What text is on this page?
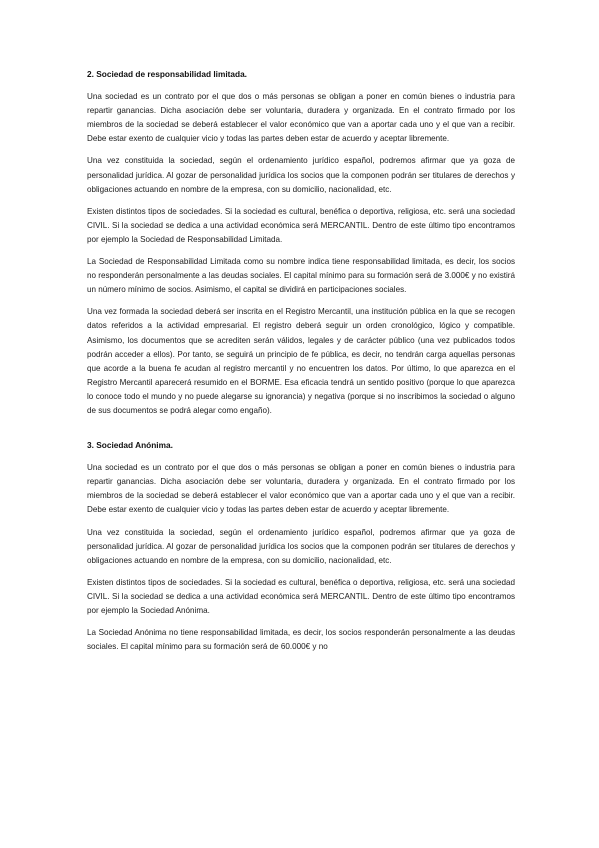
2. Sociedad de responsabilidad limitada.

Una sociedad es un contrato por el que dos o más personas se obligan a poner en común bienes o industria para repartir ganancias. Dicha asociación debe ser voluntaria, duradera y organizada. En el contrato firmado por los miembros de la sociedad se deberá establecer el valor económico que van a aportar cada uno y el que van a recibir. Debe estar exento de cualquier vicio y todas las partes deben estar de acuerdo y aceptar libremente.

Una vez constituida la sociedad, según el ordenamiento jurídico español, podremos afirmar que ya goza de personalidad jurídica. Al gozar de personalidad jurídica los socios que la componen podrán ser titulares de derechos y obligaciones actuando en nombre de la empresa, con su domicilio, nacionalidad, etc.

Existen distintos tipos de sociedades. Si la sociedad es cultural, benéfica o deportiva, religiosa, etc. será una sociedad CIVIL. Si la sociedad se dedica a una actividad económica será MERCANTIL. Dentro de este último tipo encontramos por ejemplo la Sociedad de Responsabilidad Limitada.

La Sociedad de Responsabilidad Limitada como su nombre indica tiene responsabilidad limitada, es decir, los socios no responderán personalmente a las deudas sociales. El capital mínimo para su formación será de 3.000€ y no existirá un número mínimo de socios. Asimismo, el capital se dividirá en participaciones sociales.

Una vez formada la sociedad deberá ser inscrita en el Registro Mercantil, una institución pública en la que se recogen datos referidos a la actividad empresarial. El registro deberá seguir un orden cronológico, lógico y compatible. Asimismo, los documentos que se acrediten serán válidos, legales y de carácter público (una vez publicados todos podrán acceder a ellos). Por tanto, se seguirá un principio de fe pública, es decir, no tendrán carga aquellas personas que acorde a la buena fe acudan al registro mercantil y no encuentren los datos. Por último, lo que aparezca en el Registro Mercantil aparecerá resumido en el BORME. Esa eficacia tendrá un sentido positivo (porque lo que aparezca lo conoce todo el mundo y no puede alegarse su ignorancia) y negativa (porque si no inscribimos la sociedad o alguno de sus documentos se podrá alegar como engaño).

3. Sociedad Anónima.

Una sociedad es un contrato por el que dos o más personas se obligan a poner en común bienes o industria para repartir ganancias. Dicha asociación debe ser voluntaria, duradera y organizada. En el contrato firmado por los miembros de la sociedad se deberá establecer el valor económico que van a aportar cada uno y el que van a recibir. Debe estar exento de cualquier vicio y todas las partes deben estar de acuerdo y aceptar libremente.

Una vez constituida la sociedad, según el ordenamiento jurídico español, podremos afirmar que ya goza de personalidad jurídica. Al gozar de personalidad jurídica los socios que la componen podrán ser titulares de derechos y obligaciones actuando en nombre de la empresa, con su domicilio, nacionalidad, etc.

Existen distintos tipos de sociedades. Si la sociedad es cultural, benéfica o deportiva, religiosa, etc. será una sociedad CIVIL. Si la sociedad se dedica a una actividad económica será MERCANTIL. Dentro de este último tipo encontramos por ejemplo la Sociedad Anónima.

La Sociedad Anónima no tiene responsabilidad limitada, es decir, los socios responderán personalmente a las deudas sociales. El capital mínimo para su formación será de 60.000€ y no
